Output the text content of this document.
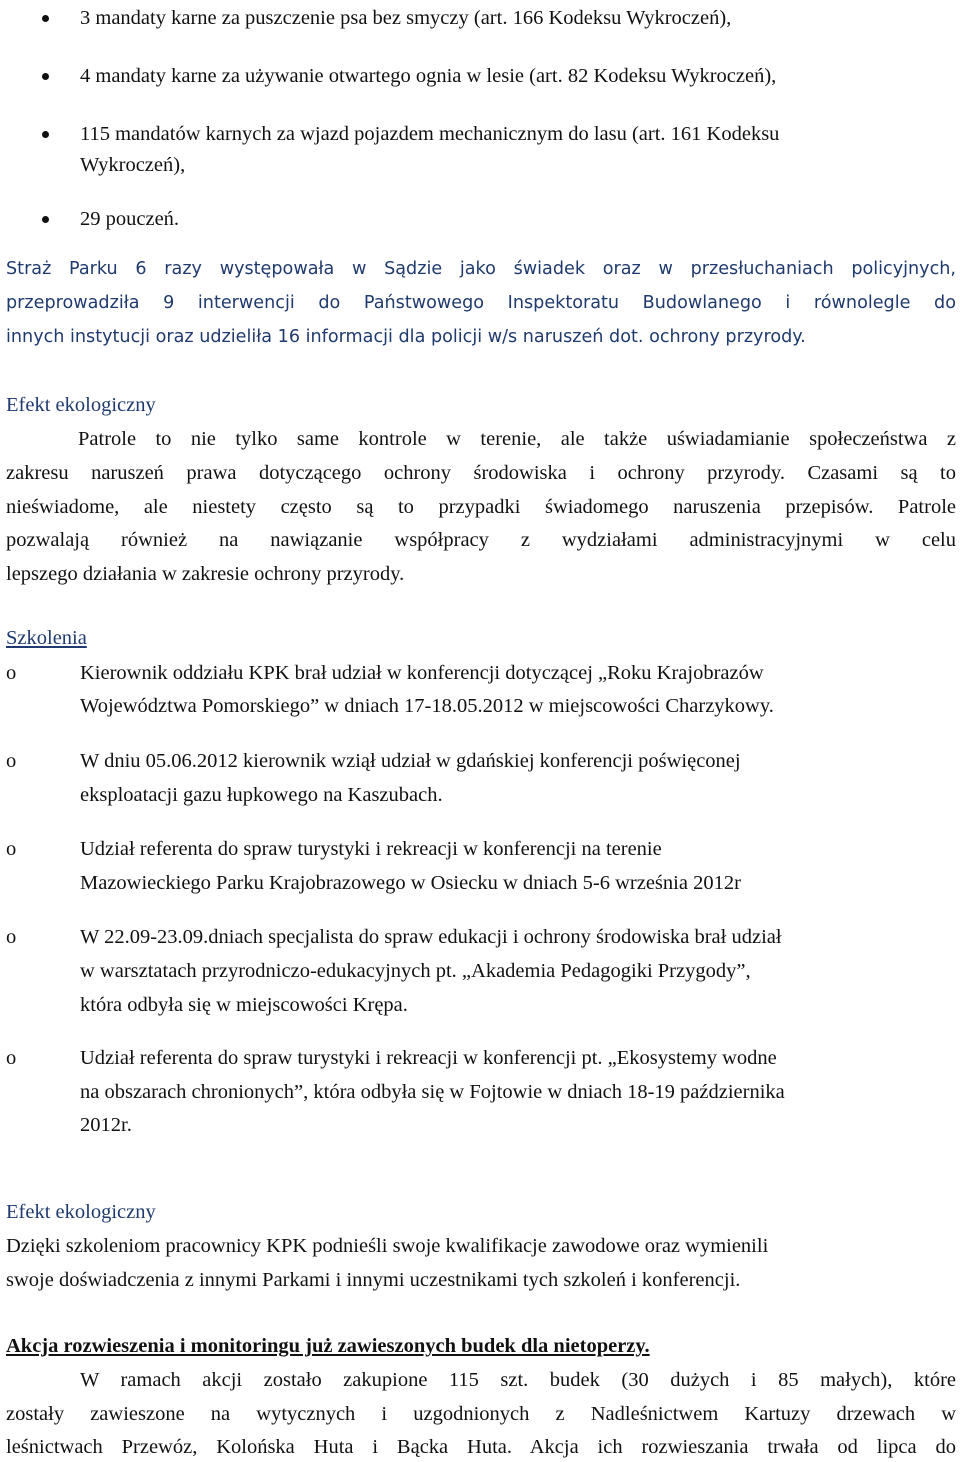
3 mandaty karne za puszczenie psa bez smyczy (art. 166 Kodeksu Wykroczeń),
4 mandaty karne za używanie otwartego ognia w lesie (art. 82 Kodeksu Wykroczeń),
115 mandatów karnych za wjazd pojazdem mechanicznym do lasu (art. 161 Kodeksu
Wykroczeń),
29 pouczeń.
Straż Parku 6 razy występowała w Sądzie jako świadek oraz w przesłuchaniach policyjnych,
przeprowadziła 9 interwencji do Państwowego Inspektoratu Budowlanego i równolegle do
innych instytucji oraz udzieliła 16 informacji dla policji w/s naruszeń dot. ochrony przyrody.
Efekt ekologiczny
Patrole to nie tylko same kontrole w terenie, ale także uświadamianie społeczeństwa z
zakresu naruszeń prawa dotyczącego ochrony środowiska i ochrony przyrody. Czasami są to
nieświadome, ale niestety często są to przypadki świadomego naruszenia przepisów. Patrole
pozwalają również na nawiązanie współpracy z wydziałami administracyjnymi w celu
lepszego działania w zakresie ochrony przyrody.
Szkolenia
o	Kierownik oddziału KPK brał udział w konferencji dotyczącej „Roku Krajobrazów
Województwa Pomorskiego” w dniach 17-18.05.2012 w miejscowości Charzykowy.
o	W dniu 05.06.2012 kierownik wziął udział w gdańskiej konferencji poświęconej
eksploatacji gazu łupkowego na Kaszubach.
o	Udział referenta do spraw turystyki i rekreacji w konferencji na terenie
Mazowieckiego Parku Krajobrazowego w Osiecku w dniach 5-6 września 2012r
o	W 22.09-23.09.dniach specjalista do spraw edukacji i ochrony środowiska brał udział
w warsztatach przyrodniczo-edukacyjnych pt. „Akademia Pedagogiki Przygody”,
która odbyła się w miejscowości Krępa.
o	Udział referenta do spraw turystyki i rekreacji w konferencji pt. „Ekosystemy wodne
na obszarach chronionych”, która odbyła się w Fojtowie w dniach 18-19 października
2012r.
Efekt ekologiczny
Dzięki szkoleniom pracownicy KPK podnieśli swoje kwalifikacje zawodowe oraz wymienili
swoje doświadczenia z innymi Parkami i innymi uczestnikami tych szkoleń i konferencji.
Akcja rozwieszenia i monitoringu już zawieszonych budek dla nietoperzy.
W ramach akcji zostało zakupione 115 szt. budek (30 dużych i 85 małych), które
zostały zawieszone na wytycznych i uzgodnionych z Nadleśnictwem Kartuzy drzewach w
leśnictwach Przewóz, Kolońska Huta i Bącka Huta. Akcja ich rozwieszania trwała od lipca do
